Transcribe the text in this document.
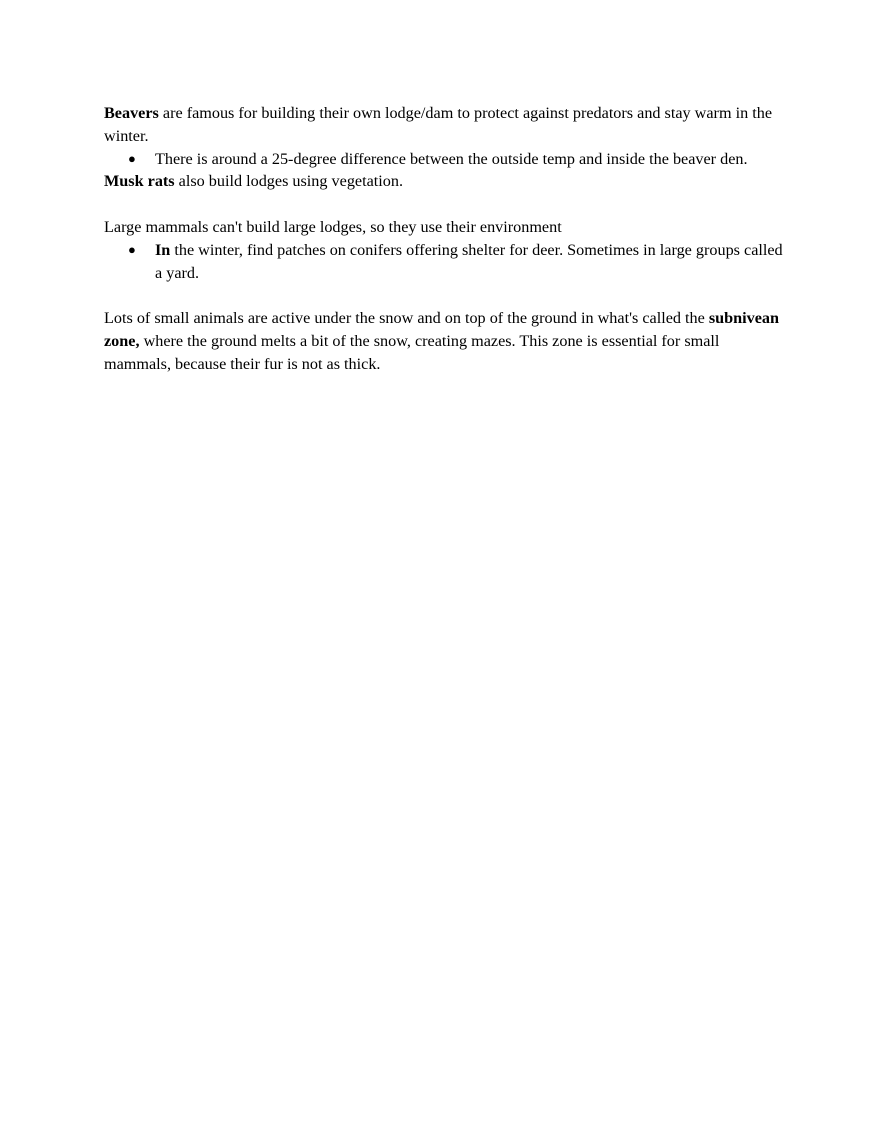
Beavers are famous for building their own lodge/dam to protect against predators and stay warm in the winter.

● There is around a 25-degree difference between the outside temp and inside the beaver den.

Musk rats also build lodges using vegetation.

Large mammals can't build large lodges, so they use their environment

● In the winter, find patches on conifers offering shelter for deer. Sometimes in large groups called a yard.

Lots of small animals are active under the snow and on top of the ground in what's called the subnivean zone, where the ground melts a bit of the snow, creating mazes. This zone is essential for small mammals, because their fur is not as thick.
